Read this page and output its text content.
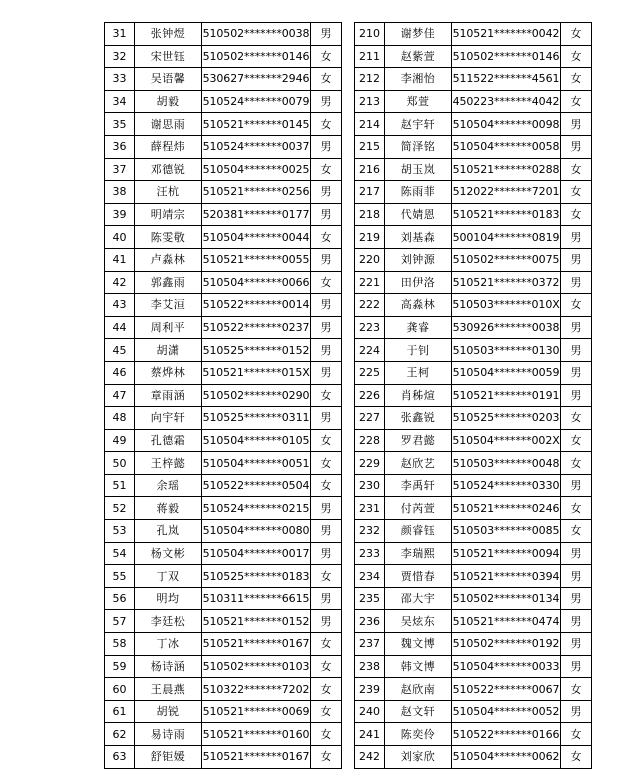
31	张钟煜	510502*******0038	男
32	宋世钰	510502*******0146	女
33	吴语馨	530627*******2946	女
34	胡毅	510524*******0079	男
35	谢思雨	510521*******0145	女
36	薛程炜	510524*******0037	男
37	邓德锐	510504*******0025	女
38	汪杭	510521*******0256	男
39	明靖宗	520381*******0177	男
40	陈雯敬	510504*******0044	女
41	卢淼林	510521*******0055	男
42	郭鑫雨	510504*******0066	女
43	李艾洹	510522*******0014	男
44	周利平	510522*******0237	男
45	胡潇	510525*******0152	男
46	蔡烨林	510521*******015X	男
47	章雨涵	510502*******0290	女
48	向宇轩	510525*******0311	男
49	孔德霜	510504*******0105	女
50	王梓懿	510504*******0051	女
51	余瑶	510522*******0504	女
52	蒋毅	510524*******0215	男
53	孔岚	510504*******0080	男
54	杨文彬	510504*******0017	男
55	丁双	510525*******0183	女
56	明均	510311*******6615	男
57	李廷松	510521*******0152	男
58	丁冰	510521*******0167	女
59	杨诗涵	510502*******0103	女
60	王晨燕	510322*******7202	女
61	胡锐	510521*******0069	女
62	易诗雨	510521*******0160	女
63	舒钜媛	510521*******0167	女
210	谢梦佳	510521*******0042	女
211	赵紫萱	510502*******0146	女
212	李湘怡	511522*******4561	女
213	郑萱	450223*******4042	女
214	赵宇轩	510504*******0098	男
215	简泽铭	510504*******0058	男
216	胡玉岚	510521*******0288	女
217	陈雨菲	512022*******7201	女
218	代婧恩	510521*******0183	女
219	刘基森	500104*******0819	男
220	刘钟源	510502*******0075	男
221	田伊洛	510521*******0372	男
222	高淼林	510503*******010X	女
223	龚睿	530926*******0038	男
224	于钊	510503*******0130	男
225	王柯	510504*******0059	男
226	肖秭煊	510521*******0191	男
227	张鑫锐	510525*******0203	女
228	罗君懿	510504*******002X	女
229	赵欣艺	510503*******0048	女
230	李禹轩	510524*******0330	男
231	付芮萱	510521*******0246	女
232	颜睿钰	510503*******0085	女
233	李瑞熙	510521*******0094	男
234	贾惜春	510521*******0394	男
235	邵大宇	510502*******0134	男
236	吴炫东	510521*******0474	男
237	魏文博	510502*******0192	男
238	韩文博	510504*******0033	男
239	赵欣南	510522*******0067	女
240	赵文轩	510504*******0052	男
241	陈奕伶	510522*******0166	女
242	刘家欣	510504*******0062	女
